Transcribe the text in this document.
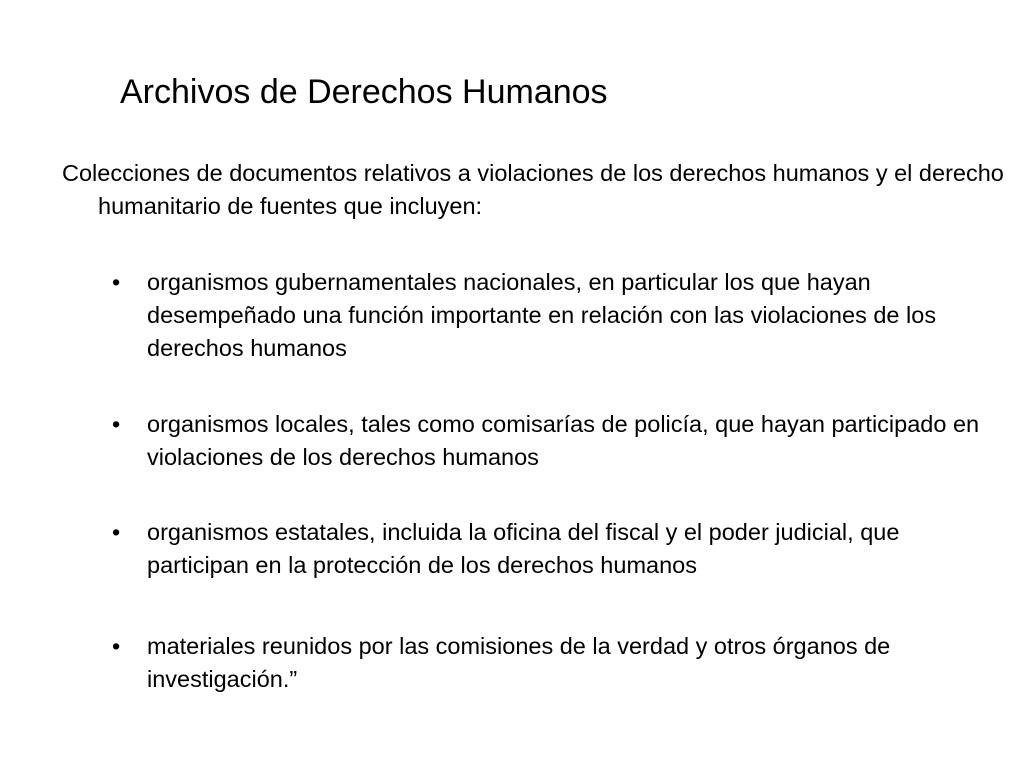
Archivos de Derechos Humanos

Colecciones de documentos relativos a violaciones de los derechos humanos y el derecho humanitario de fuentes que incluyen:

• organismos gubernamentales nacionales, en particular los que hayan desempeñado una función importante en relación con las violaciones de los derechos humanos
• organismos locales, tales como comisarías de policía, que hayan participado en violaciones de los derechos humanos
• organismos estatales, incluida la oficina del fiscal y el poder judicial, que participan en la protección de los derechos humanos
• materiales reunidos por las comisiones de la verdad y otros órganos de investigación.”
